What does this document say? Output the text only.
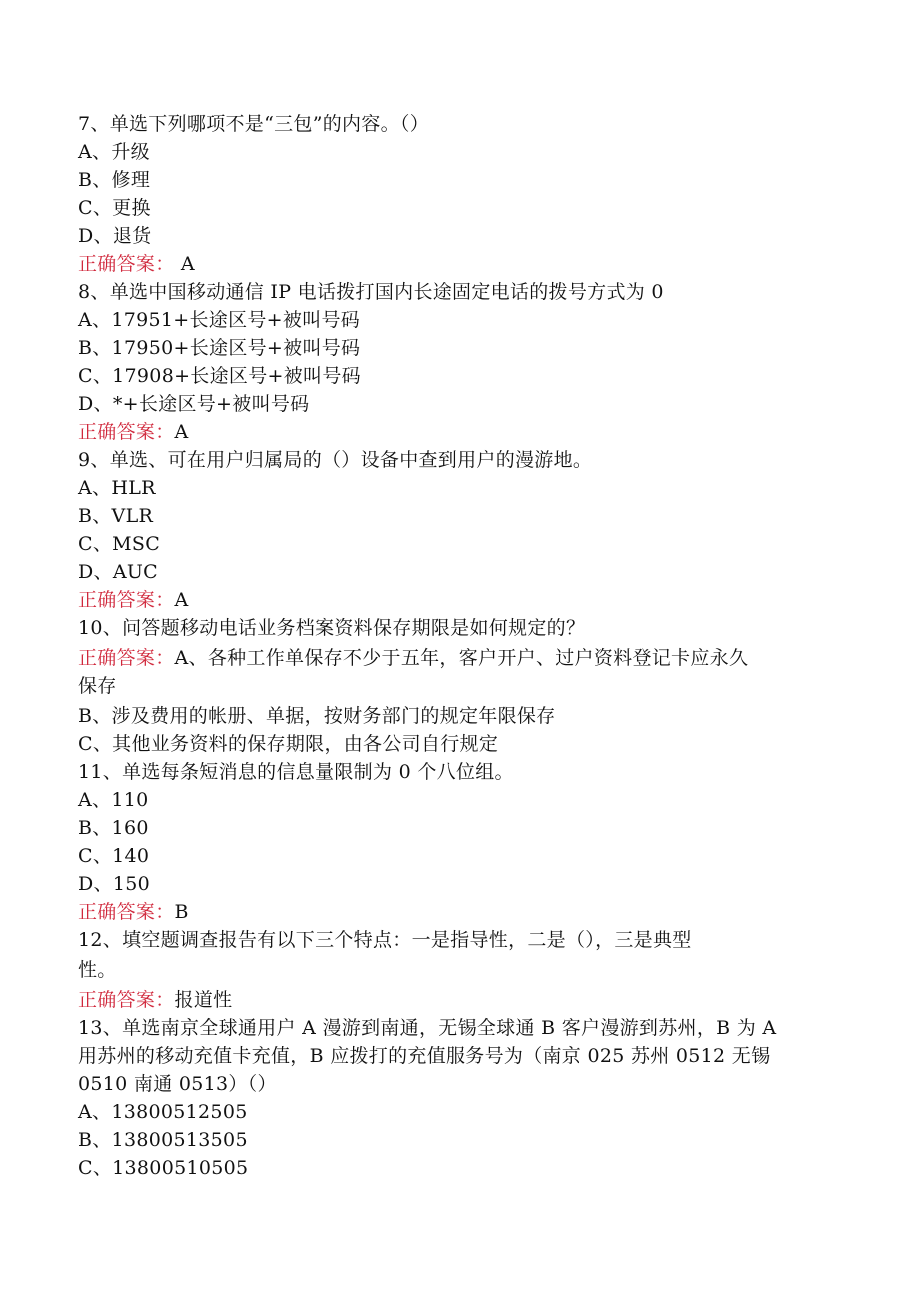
7、单选下列哪项不是“三包”的内容。（）
A、升级
B、修理
C、更换
D、退货
正确答案： A
8、单选中国移动通信 IP 电话拨打国内长途固定电话的拨号方式为 0
A、17951+长途区号+被叫号码
B、17950+长途区号+被叫号码
C、17908+长途区号+被叫号码
D、*+长途区号+被叫号码
正确答案：A
9、单选、可在用户归属局的（）设备中查到用户的漫游地。
A、HLR
B、VLR
C、MSC
D、AUC
正确答案：A
10、问答题移动电话业务档案资料保存期限是如何规定的？
正确答案：A、各种工作单保存不少于五年，客户开户、过户资料登记卡应永久
保存
B、涉及费用的帐册、单据，按财务部门的规定年限保存
C、其他业务资料的保存期限，由各公司自行规定
11、单选每条短消息的信息量限制为 0 个八位组。
A、110
B、160
C、140
D、150
正确答案：B
12、填空题调查报告有以下三个特点：一是指导性，二是（），三是典型
性。
正确答案：报道性
13、单选南京全球通用户 A 漫游到南通，无锡全球通 B 客户漫游到苏州，B 为 A
用苏州的移动充值卡充值，B 应拨打的充值服务号为（南京 025 苏州 0512 无锡
0510 南通 0513）（）
A、13800512505
B、13800513505
C、13800510505
